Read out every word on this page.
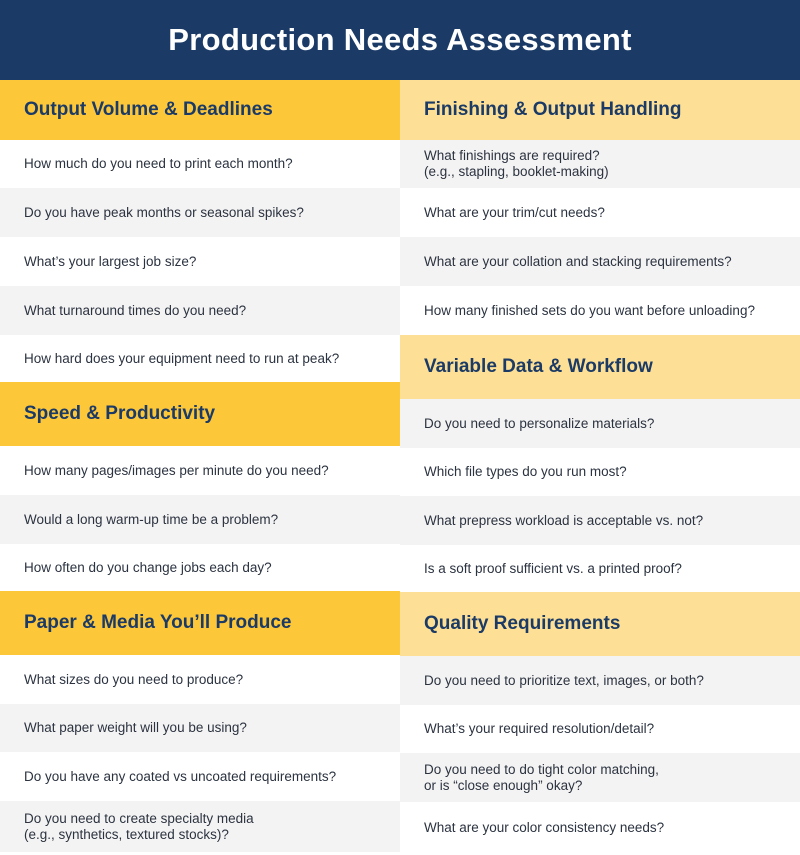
Production Needs Assessment
Output Volume & Deadlines
How much do you need to print each month?
Do you have peak months or seasonal spikes?
What’s your largest job size?
What turnaround times do you need?
How hard does your equipment need to run at peak?
Speed & Productivity
How many pages/images per minute do you need?
Would a long warm-up time be a problem?
How often do you change jobs each day?
Paper & Media You’ll Produce
What sizes do you need to produce?
What paper weight will you be using?
Do you have any coated vs uncoated requirements?
Do you need to create specialty media
(e.g., synthetics, textured stocks)?
Finishing & Output Handling
What finishings are required?
(e.g., stapling, booklet-making)
What are your trim/cut needs?
What are your collation and stacking requirements?
How many finished sets do you want before unloading?
Variable Data & Workflow
Do you need to personalize materials?
Which file types do you run most?
What prepress workload is acceptable vs. not?
Is a soft proof sufficient vs. a printed proof?
Quality Requirements
Do you need to prioritize text, images, or both?
What’s your required resolution/detail?
Do you need to do tight color matching,
or is “close enough” okay?
What are your color consistency needs?
